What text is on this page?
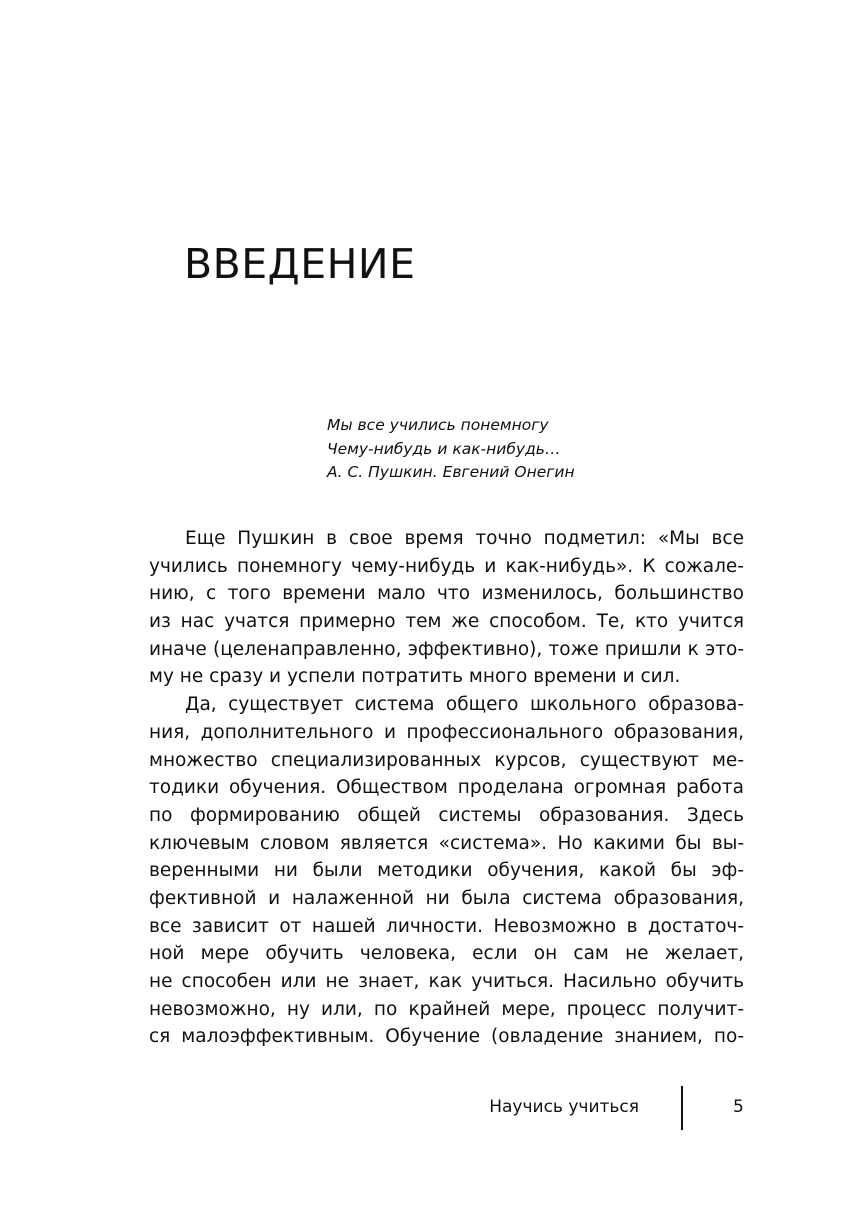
ВВЕДЕНИЕ
Мы все учились понемногу
Чему-нибудь и как-нибудь…
А. С. Пушкин. Евгений Онегин
Еще Пушкин в свое время точно подметил: «Мы все
учились понемногу чему-нибудь и как-нибудь». К сожале-
нию, с того времени мало что изменилось, большинство
из нас учатся примерно тем же способом. Те, кто учится
иначе (целенаправленно, эффективно), тоже пришли к это-
му не сразу и успели потратить много времени и сил.
Да, существует система общего школьного образова-
ния, дополнительного и профессионального образования,
множество специализированных курсов, существуют ме-
тодики обучения. Обществом проделана огромная работа
по формированию общей системы образования. Здесь
ключевым словом является «система». Но какими бы вы-
веренными ни были методики обучения, какой бы эф-
фективной и налаженной ни была система образования,
все зависит от нашей личности. Невозможно в достаточ-
ной мере обучить человека, если он сам не желает,
не способен или не знает, как учиться. Насильно обучить
невозможно, ну или, по крайней мере, процесс получит-
ся малоэффективным. Обучение (овладение знанием, по-
Научись учиться	5
